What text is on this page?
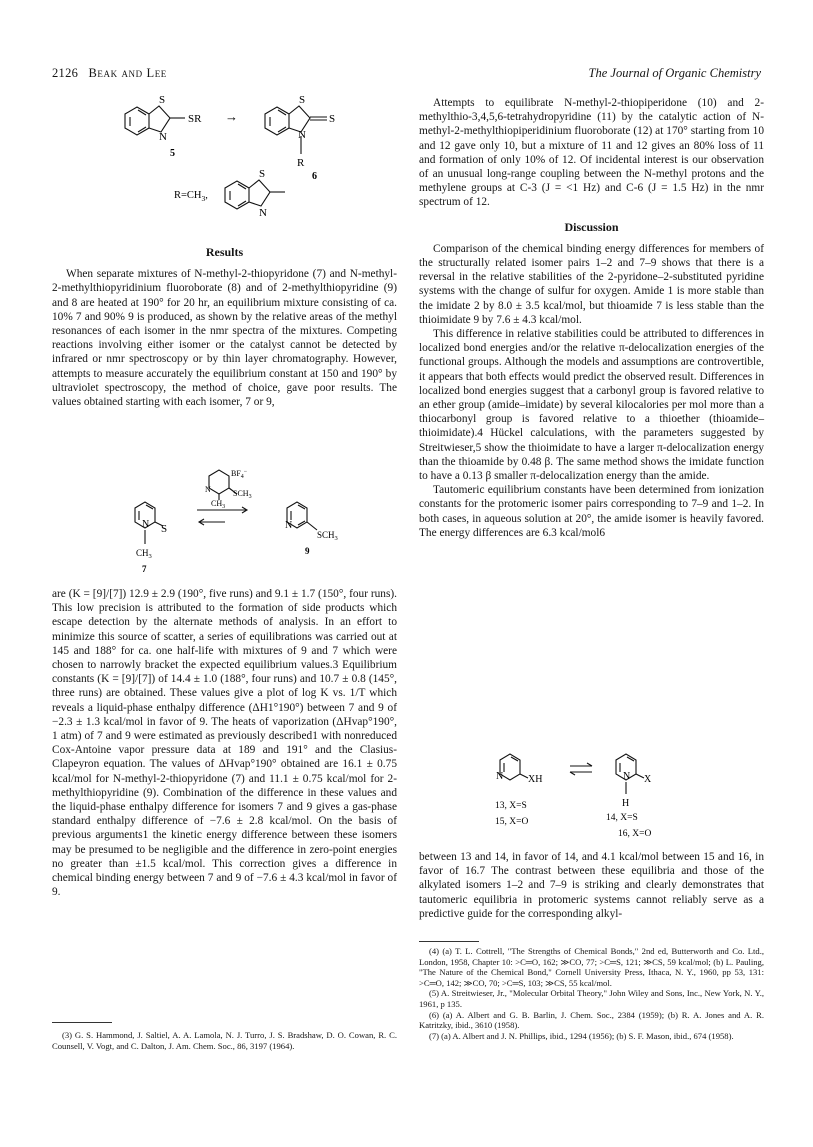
2126 Beak and Lee	The Journal of Organic Chemistry
S
N
SR
5
→
S
N
S
R
6
$R=CH_3$,
S
N
Results

When separate mixtures of N-methyl-2-thiopyridone (7) and N-methyl-2-methylthiopyridinium fluoroborate (8) and of 2-methylthiopyridine (9) and 8 are heated at 190° for 20 hr, an equilibrium mixture consisting of ca. 10% 7 and 90% 9 is produced, as shown by the relative areas of the methyl resonances of each isomer in the nmr spectra of the mixtures. Competing reactions involving either isomer or the catalyst cannot be detected by infrared or nmr spectroscopy or by thin layer chromatography. However, attempts to measure accurately the equilibrium constant at 150 and 190° by ultraviolet spectroscopy, the method of choice, gave poor results. The values obtained starting with each isomer, 7 or 9,

$BF_4^-$
$SCH_3$
N
$CH_3$
S
N
$CH_3$
7
N
$SCH_3$
9

are (K = [9]/[7]) 12.9 ± 2.9 (190°, five runs) and 9.1 ± 1.7 (150°, four runs). This low precision is attributed to the formation of side products which escape detection by the alternate methods of analysis. In an effort to minimize this source of scatter, a series of equilibrations was carried out at 145 and 188° for ca. one half-life with mixtures of 9 and 7 which were chosen to narrowly bracket the expected equilibrium values.3 Equilibrium constants (K = [9]/[7]) of 14.4 ± 1.0 (188°, four runs) and 10.7 ± 0.8 (145°, three runs) are obtained. These values give a plot of log K vs. 1/T which reveals a liquid-phase enthalpy difference (ΔH1°190°) between 7 and 9 of −2.3 ± 1.3 kcal/mol in favor of 9. The heats of vaporization (ΔHvap°190°, 1 atm) of 7 and 9 were estimated as previously described1 with nonreduced Cox-Antoine vapor pressure data at 189 and 191° and the Clasius-Clapeyron equation. The values of ΔHvap°190° obtained are 16.1 ± 0.75 kcal/mol for N-methyl-2-thiopyridone (7) and 11.1 ± 0.75 kcal/mol for 2-methylthiopyridine (9). Combination of the difference in these values and the liquid-phase enthalpy difference for isomers 7 and 9 gives a gas-phase standard enthalpy difference of −7.6 ± 2.8 kcal/mol. On the basis of previous arguments1 the kinetic energy difference between these isomers may be presumed to be negligible and the difference in zero-point energies no greater than ±1.5 kcal/mol. This correction gives a difference in chemical binding energy between 7 and 9 of −7.6 ± 4.3 kcal/mol in favor of 9.

(3) G. S. Hammond, J. Saltiel, A. A. Lamola, N. J. Turro, J. S. Bradshaw, D. O. Cowan, R. C. Counsell, V. Vogt, and C. Dalton, J. Am. Chem. Soc., 86, 3197 (1964).

Attempts to equilibrate N-methyl-2-thiopiperidone (10) and 2-methylthio-3,4,5,6-tetrahydropyridine (11) by the catalytic action of N-methyl-2-methylthiopiperidinium fluoroborate (12) at 170° starting from 10 and 12 gave only 10, but a mixture of 11 and 12 gives an 80% loss of 11 and formation of only 10% of 12. Of incidental interest is our observation of an unusual long-range coupling between the N-methyl protons and the methylene groups at C-3 (J = <1 Hz) and C-6 (J = 1.5 Hz) in the nmr spectrum of 12.

Discussion

Comparison of the chemical binding energy differences for members of the structurally related isomer pairs 1–2 and 7–9 shows that there is a reversal in the relative stabilities of the 2-pyridone–2-substituted pyridine systems with the change of sulfur for oxygen. Amide 1 is more stable than the imidate 2 by 8.0 ± 3.5 kcal/mol, but thioamide 7 is less stable than the thioimidate 9 by 7.6 ± 4.3 kcal/mol.

This difference in relative stabilities could be attributed to differences in localized bond energies and/or the relative π-delocalization energies of the functional groups. Although the models and assumptions are controvertible, it appears that both effects would predict the observed result. Differences in localized bond energies suggest that a carbonyl group is favored relative to an ether group (amide–imidate) by several kilocalories per mol more than a thiocarbonyl group is favored relative to a thioether (thioamide–thioimidate).4 Hückel calculations, with the parameters suggested by Streitwieser,5 show the thioimidate to have a larger π-delocalization energy than the thioamide by 0.48 β. The same method shows the imidate function to have a 0.13 β smaller π-delocalization energy than the amide.

Tautomeric equilibrium constants have been determined from ionization constants for the protomeric isomer pairs corresponding to 7–9 and 1–2. In both cases, in aqueous solution at 20°, the amide isomer is heavily favored. The energy differences are 6.3 kcal/mol6

N XH
13, X=S
15, X=O
N X
H
14, X=S
16, X=O

between 13 and 14, in favor of 14, and 4.1 kcal/mol between 15 and 16, in favor of 16.7 The contrast between these equilibria and those of the alkylated isomers 1–2 and 7–9 is striking and clearly demonstrates that tautomeric equilibria in protomeric systems cannot reliably serve as a predictive guide for the corresponding alkyl-

(4) (a) T. L. Cottrell, "The Strengths of Chemical Bonds," 2nd ed, Butterworth and Co. Ltd., London, 1958, Chapter 10: >C═O, 162; ≫CO, 77; >C═S, 121; ≫CS, 59 kcal/mol; (b) L. Pauling, "The Nature of the Chemical Bond," Cornell University Press, Ithaca, N. Y., 1960, pp 53, 131: >C═O, 142; ≫CO, 70; >C═S, 103; ≫CS, 55 kcal/mol.

(5) A. Streitwieser, Jr., "Molecular Orbital Theory," John Wiley and Sons, Inc., New York, N. Y., 1961, p 135.

(6) (a) A. Albert and G. B. Barlin, J. Chem. Soc., 2384 (1959); (b) R. A. Jones and A. R. Katritzky, ibid., 3610 (1958).

(7) (a) A. Albert and J. N. Phillips, ibid., 1294 (1956); (b) S. F. Mason, ibid., 674 (1958).
